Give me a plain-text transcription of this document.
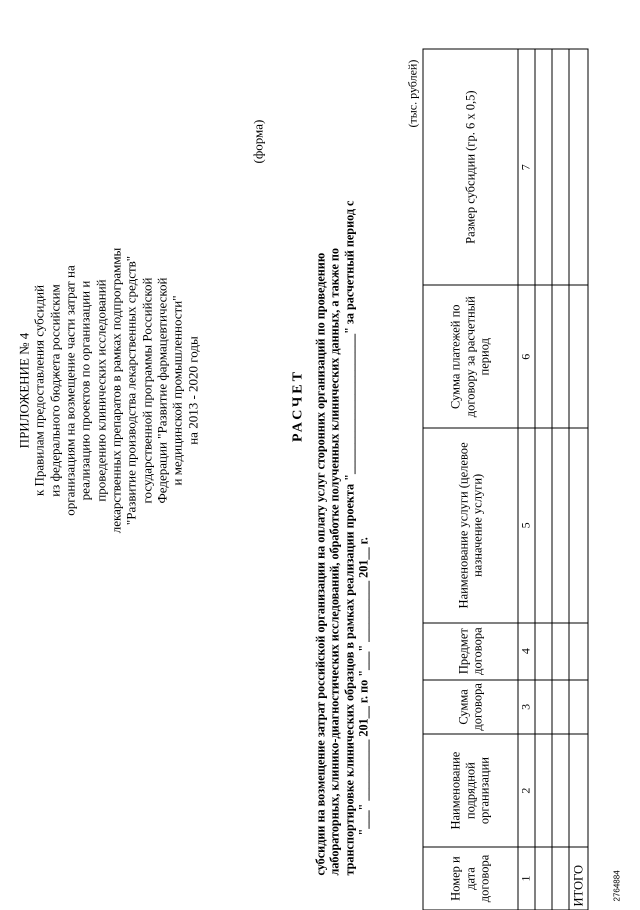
ПРИЛОЖЕНИЕ № 4 к Правилам предоставления субсидий из федерального бюджета российским организациям на возмещение части затрат на реализацию проектов по организации и проведению клинических исследований лекарственных препаратов в рамках подпрограммы "Развитие производства лекарственных средств" государственной программы Российской Федерации "Развитие фармацевтической и медицинской промышленности" на 2013 - 2020 годы
(форма)
РАСЧЕТ субсидии на возмещение затрат российской организации на оплату услуг сторонних организаций по проведению лабораторных, клинико-диагностических исследований, обработке полученных клинических данных, а также по транспортировке клинических образцов в рамках реализации проекта "_______________________" за расчетный период с "___" __________ 201__ г. по "___" __________ 201__ г.
(тыс. рублей)
Номер и дата договора	Наименование подрядной организации	Сумма договора	Предмет договора	Наименование услуги (целевое назначение услуги)	Сумма платежей по договору за расчетный период	Размер субсидии (гр. 6 x 0,5)
1	2	3	4	5	6	7

ИТОГО							2764884
